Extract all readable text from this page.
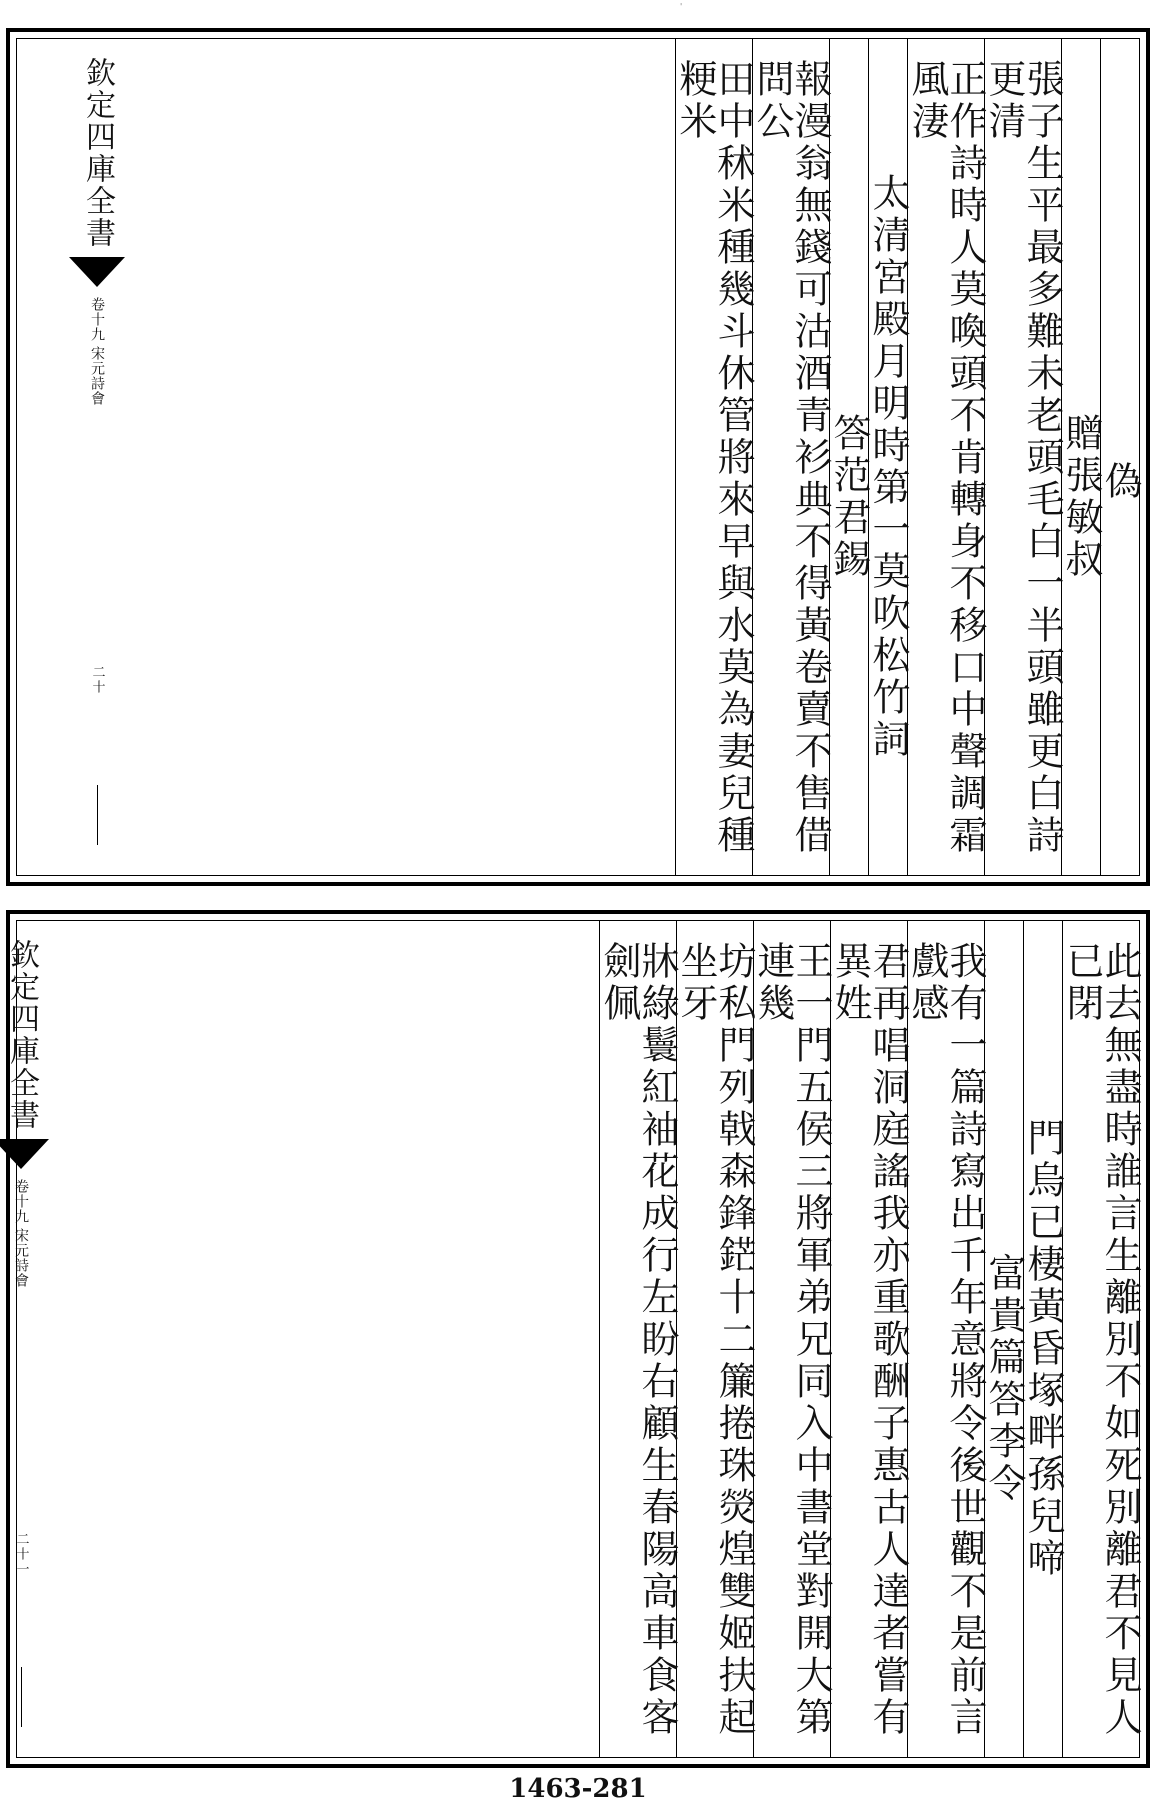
'
偽
贈張敏叔
張子生平最多難未老頭毛白一半頭雖更白詩更清
正作詩時人莫喚頭不肯轉身不移口中聲調霜風淒
太清宮殿月明時第一莫吹松竹詞
答范君錫
報漫翁無錢可沽酒青衫典不得黃卷賣不售借問公
田中秫米種幾斗休管將來早與水莫為妻兒種粳米
欽定四庫全書
宋元詩會
卷十九
二十
此去無盡時誰言生離別不如死別離君不見人已閉
門烏已棲黃昏塚畔孫兒啼
富貴篇答李令
我有一篇詩寫出千年意將令後世觀不是前言戲感
君再唱洞庭謠我亦重歌酬子惠古人達者嘗有異姓
王一門五侯三將軍弟兄同入中書堂對開大第連幾
坊私門列戟森鋒鋩十二簾捲珠熒煌雙姬扶起坐牙
牀綠鬟紅袖花成行左盼右顧生春陽高車食客劍佩
欽定四庫全書
宋元詩會
卷十九
二十一
1463-281
